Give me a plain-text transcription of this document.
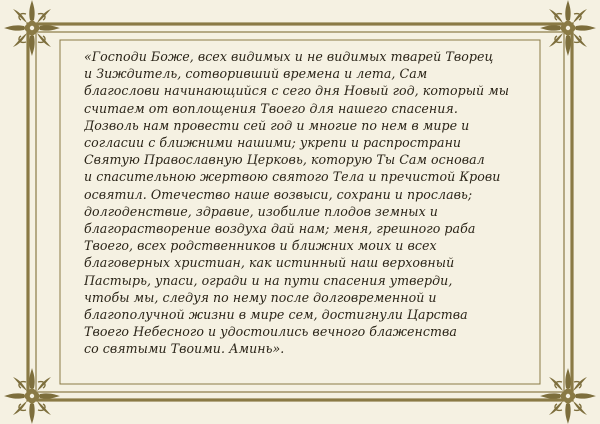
«Господи Боже, всех видимых и не видимых тварей Творец
и Зиждитель, сотворивший времена и лета, Сам
благослови начинающийся с сего дня Новый год, который мы
считаем от воплощения Твоего для нашего спасения.
Дозволь нам провести сей год и многие по нем в мире и
согласии с ближними нашими; укрепи и распространи
Святую Православную Церковь, которую Ты Сам основал
и спасительною жертвою святого Тела и пречистой Крови
освятил. Отечество наше возвыси, сохрани и прославь;
долгоденствие, здравие, изобилие плодов земных и
благорастворение воздуха дай нам; меня, грешного раба
Твоего, всех родственников и ближних моих и всех
благоверных христиан, как истинный наш верховный
Пастырь, упаси, огради и на пути спасения утверди,
чтобы мы, следуя по нему после долговременной и
благополучной жизни в мире сем, достигнули Царства
Твоего Небесного и удостоились вечного блаженства
со святыми Твоими. Аминь».
